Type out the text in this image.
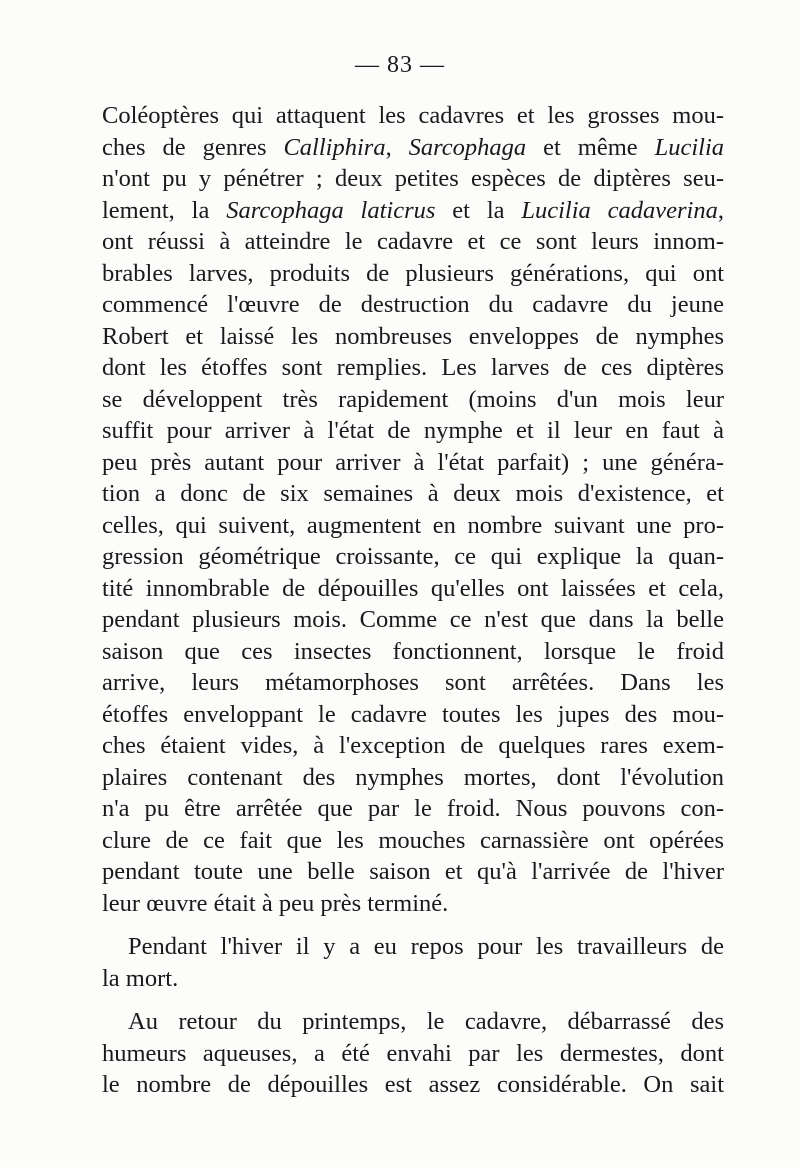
— 83 —
Coléoptères qui attaquent les cadavres et les grosses mou-
ches de genres Calliphira, Sarcophaga et même Lucilia
n'ont pu y pénétrer ; deux petites espèces de diptères seu-
lement, la Sarcophaga laticrus et la Lucilia cadaverina,
ont réussi à atteindre le cadavre et ce sont leurs innom-
brables larves, produits de plusieurs générations, qui ont
commencé l'œuvre de destruction du cadavre du jeune
Robert et laissé les nombreuses enveloppes de nymphes
dont les étoffes sont remplies. Les larves de ces diptères
se développent très rapidement (moins d'un mois leur
suffit pour arriver à l'état de nymphe et il leur en faut à
peu près autant pour arriver à l'état parfait) ; une généra-
tion a donc de six semaines à deux mois d'existence, et
celles, qui suivent, augmentent en nombre suivant une pro-
gression géométrique croissante, ce qui explique la quan-
tité innombrable de dépouilles qu'elles ont laissées et cela,
pendant plusieurs mois. Comme ce n'est que dans la belle
saison que ces insectes fonctionnent, lorsque le froid
arrive, leurs métamorphoses sont arrêtées. Dans les
étoffes enveloppant le cadavre toutes les jupes des mou-
ches étaient vides, à l'exception de quelques rares exem-
plaires contenant des nymphes mortes, dont l'évolution
n'a pu être arrêtée que par le froid. Nous pouvons con-
clure de ce fait que les mouches carnassière ont opérées
pendant toute une belle saison et qu'à l'arrivée de l'hiver
leur œuvre était à peu près terminé.
Pendant l'hiver il y a eu repos pour les travailleurs de
la mort.
Au retour du printemps, le cadavre, débarrassé des
humeurs aqueuses, a été envahi par les dermestes, dont
le nombre de dépouilles est assez considérable. On sait
